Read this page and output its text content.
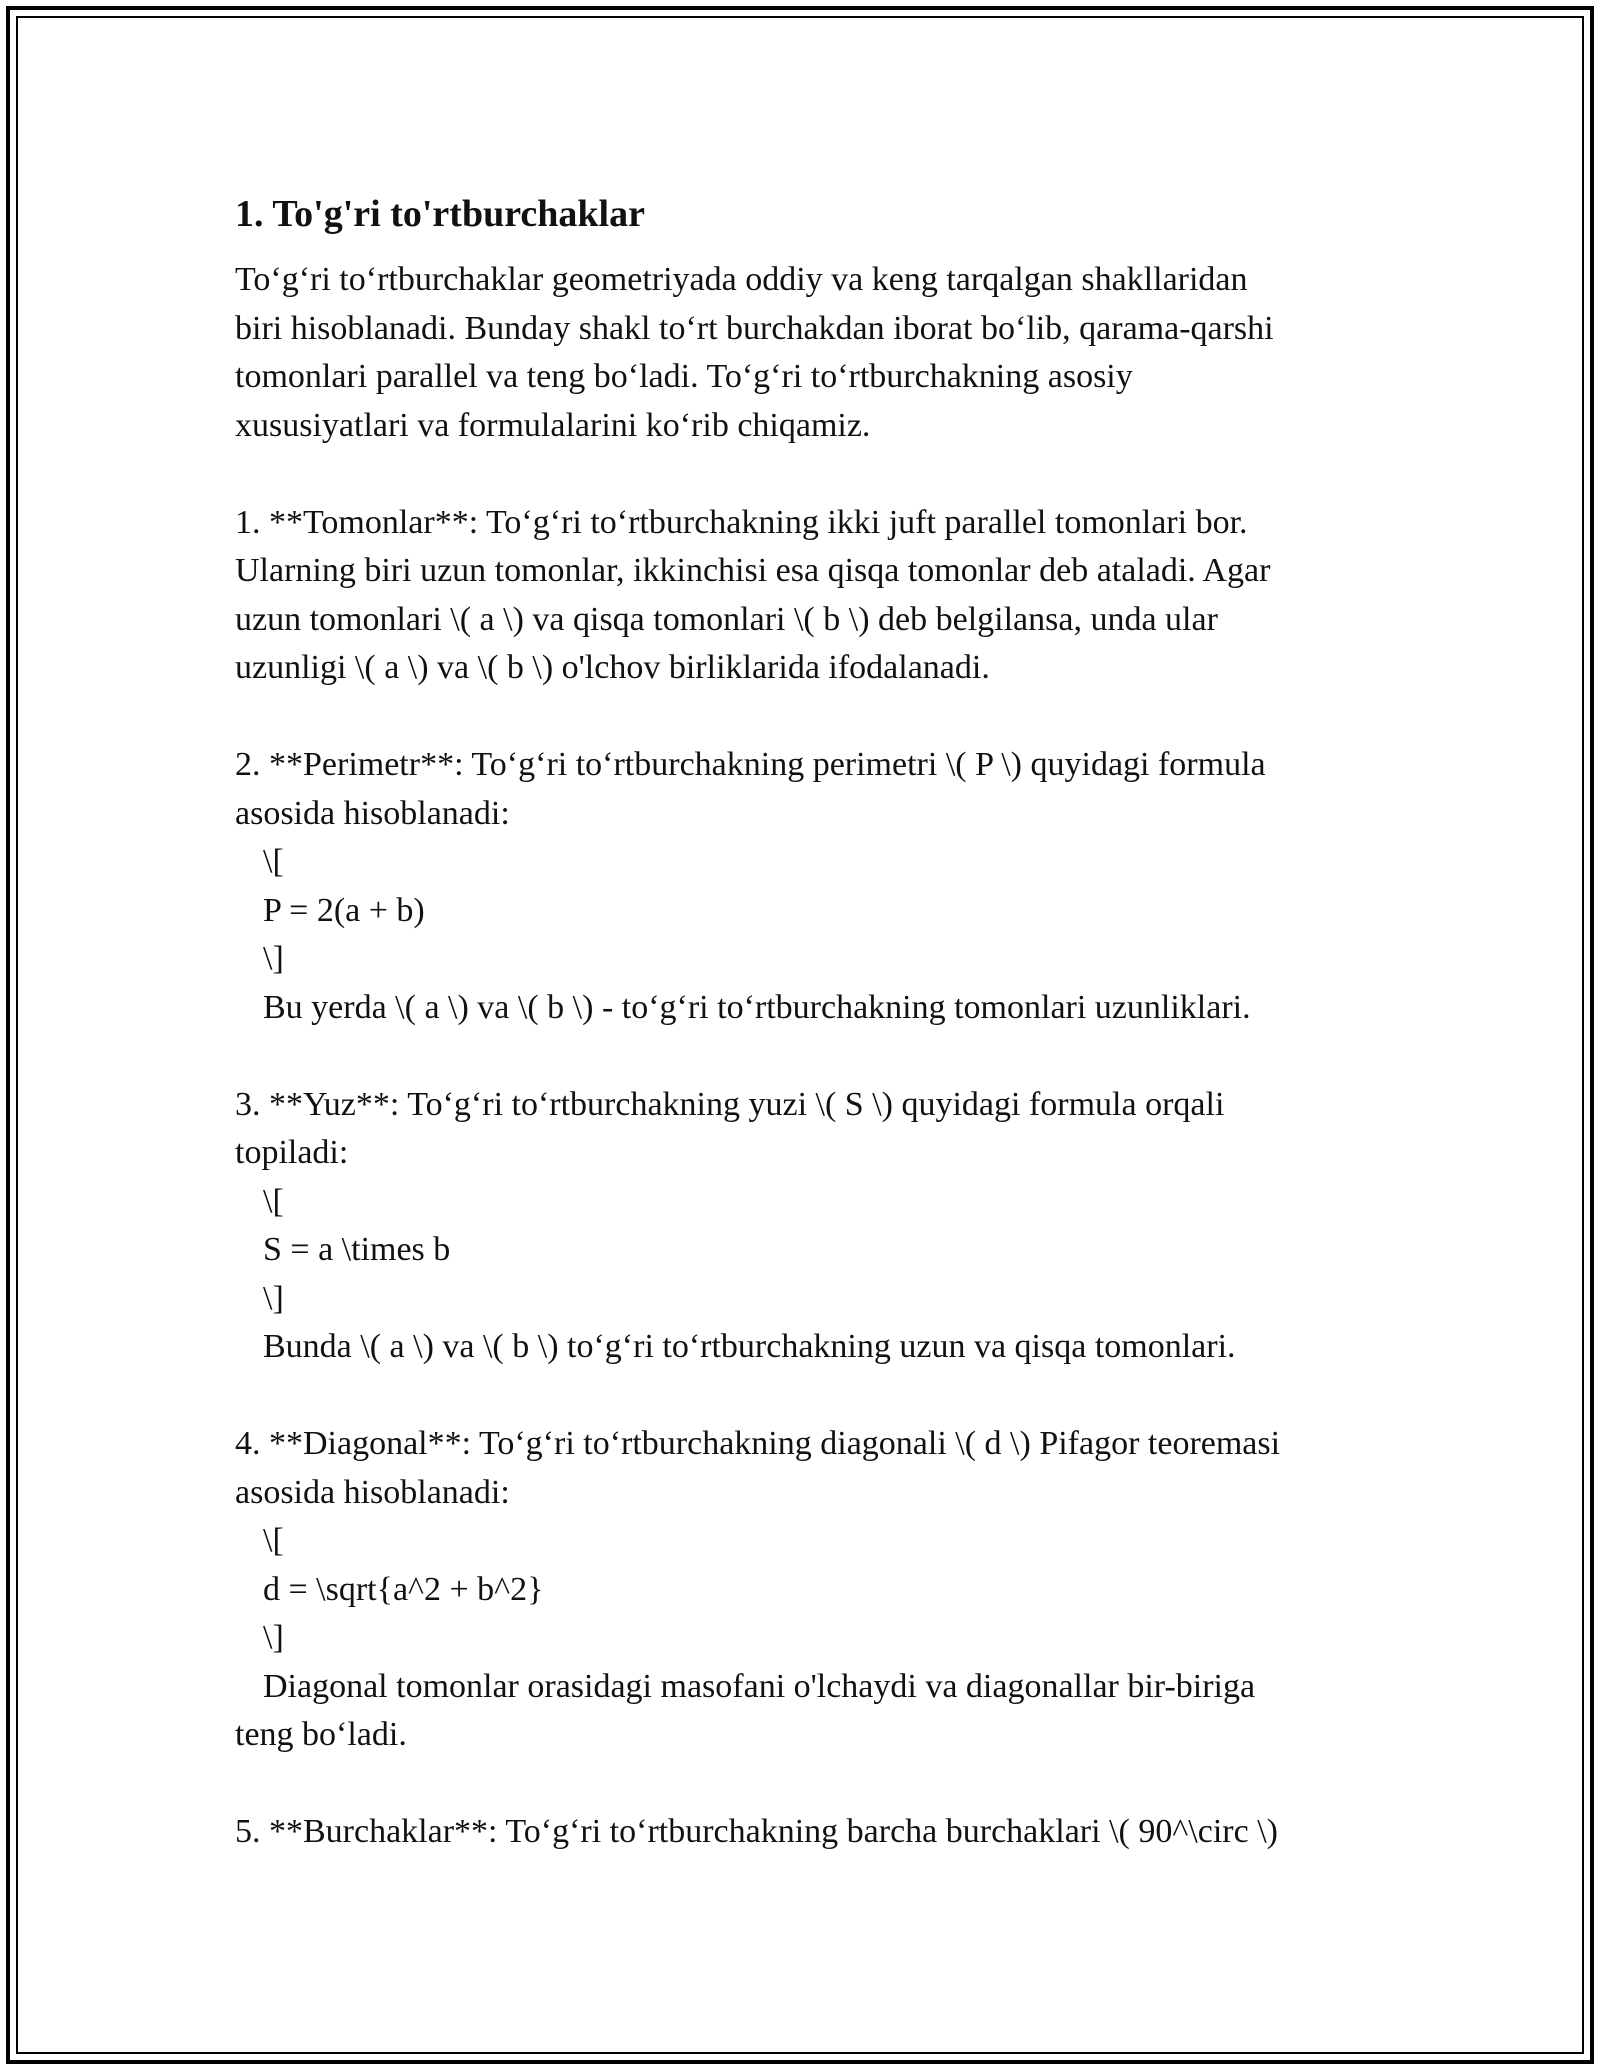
1. To'g'ri to'rtburchaklar
To‘g‘ri to‘rtburchaklar geometriyada oddiy va keng tarqalgan shakllaridan
biri hisoblanadi. Bunday shakl to‘rt burchakdan iborat bo‘lib, qarama-qarshi
tomonlari parallel va teng bo‘ladi. To‘g‘ri to‘rtburchakning asosiy
xususiyatlari va formulalarini ko‘rib chiqamiz.
1. **Tomonlar**: To‘g‘ri to‘rtburchakning ikki juft parallel tomonlari bor.
Ularning biri uzun tomonlar, ikkinchisi esa qisqa tomonlar deb ataladi. Agar
uzun tomonlari \( a \) va qisqa tomonlari \( b \) deb belgilansa, unda ular
uzunligi \( a \) va \( b \) o'lchov birliklarida ifodalanadi.
2. **Perimetr**: To‘g‘ri to‘rtburchakning perimetri \( P \) quyidagi formula
asosida hisoblanadi:
\[
P = 2(a + b)
\]
Bu yerda \( a \) va \( b \) - to‘g‘ri to‘rtburchakning tomonlari uzunliklari.
3. **Yuz**: To‘g‘ri to‘rtburchakning yuzi \( S \) quyidagi formula orqali
topiladi:
\[
S = a \times b
\]
Bunda \( a \) va \( b \) to‘g‘ri to‘rtburchakning uzun va qisqa tomonlari.
4. **Diagonal**: To‘g‘ri to‘rtburchakning diagonali \( d \) Pifagor teoremasi
asosida hisoblanadi:
\[
d = \sqrt{a^2 + b^2}
\]
Diagonal tomonlar orasidagi masofani o'lchaydi va diagonallar bir-biriga
teng bo‘ladi.
5. **Burchaklar**: To‘g‘ri to‘rtburchakning barcha burchaklari \( 90^\circ \)
